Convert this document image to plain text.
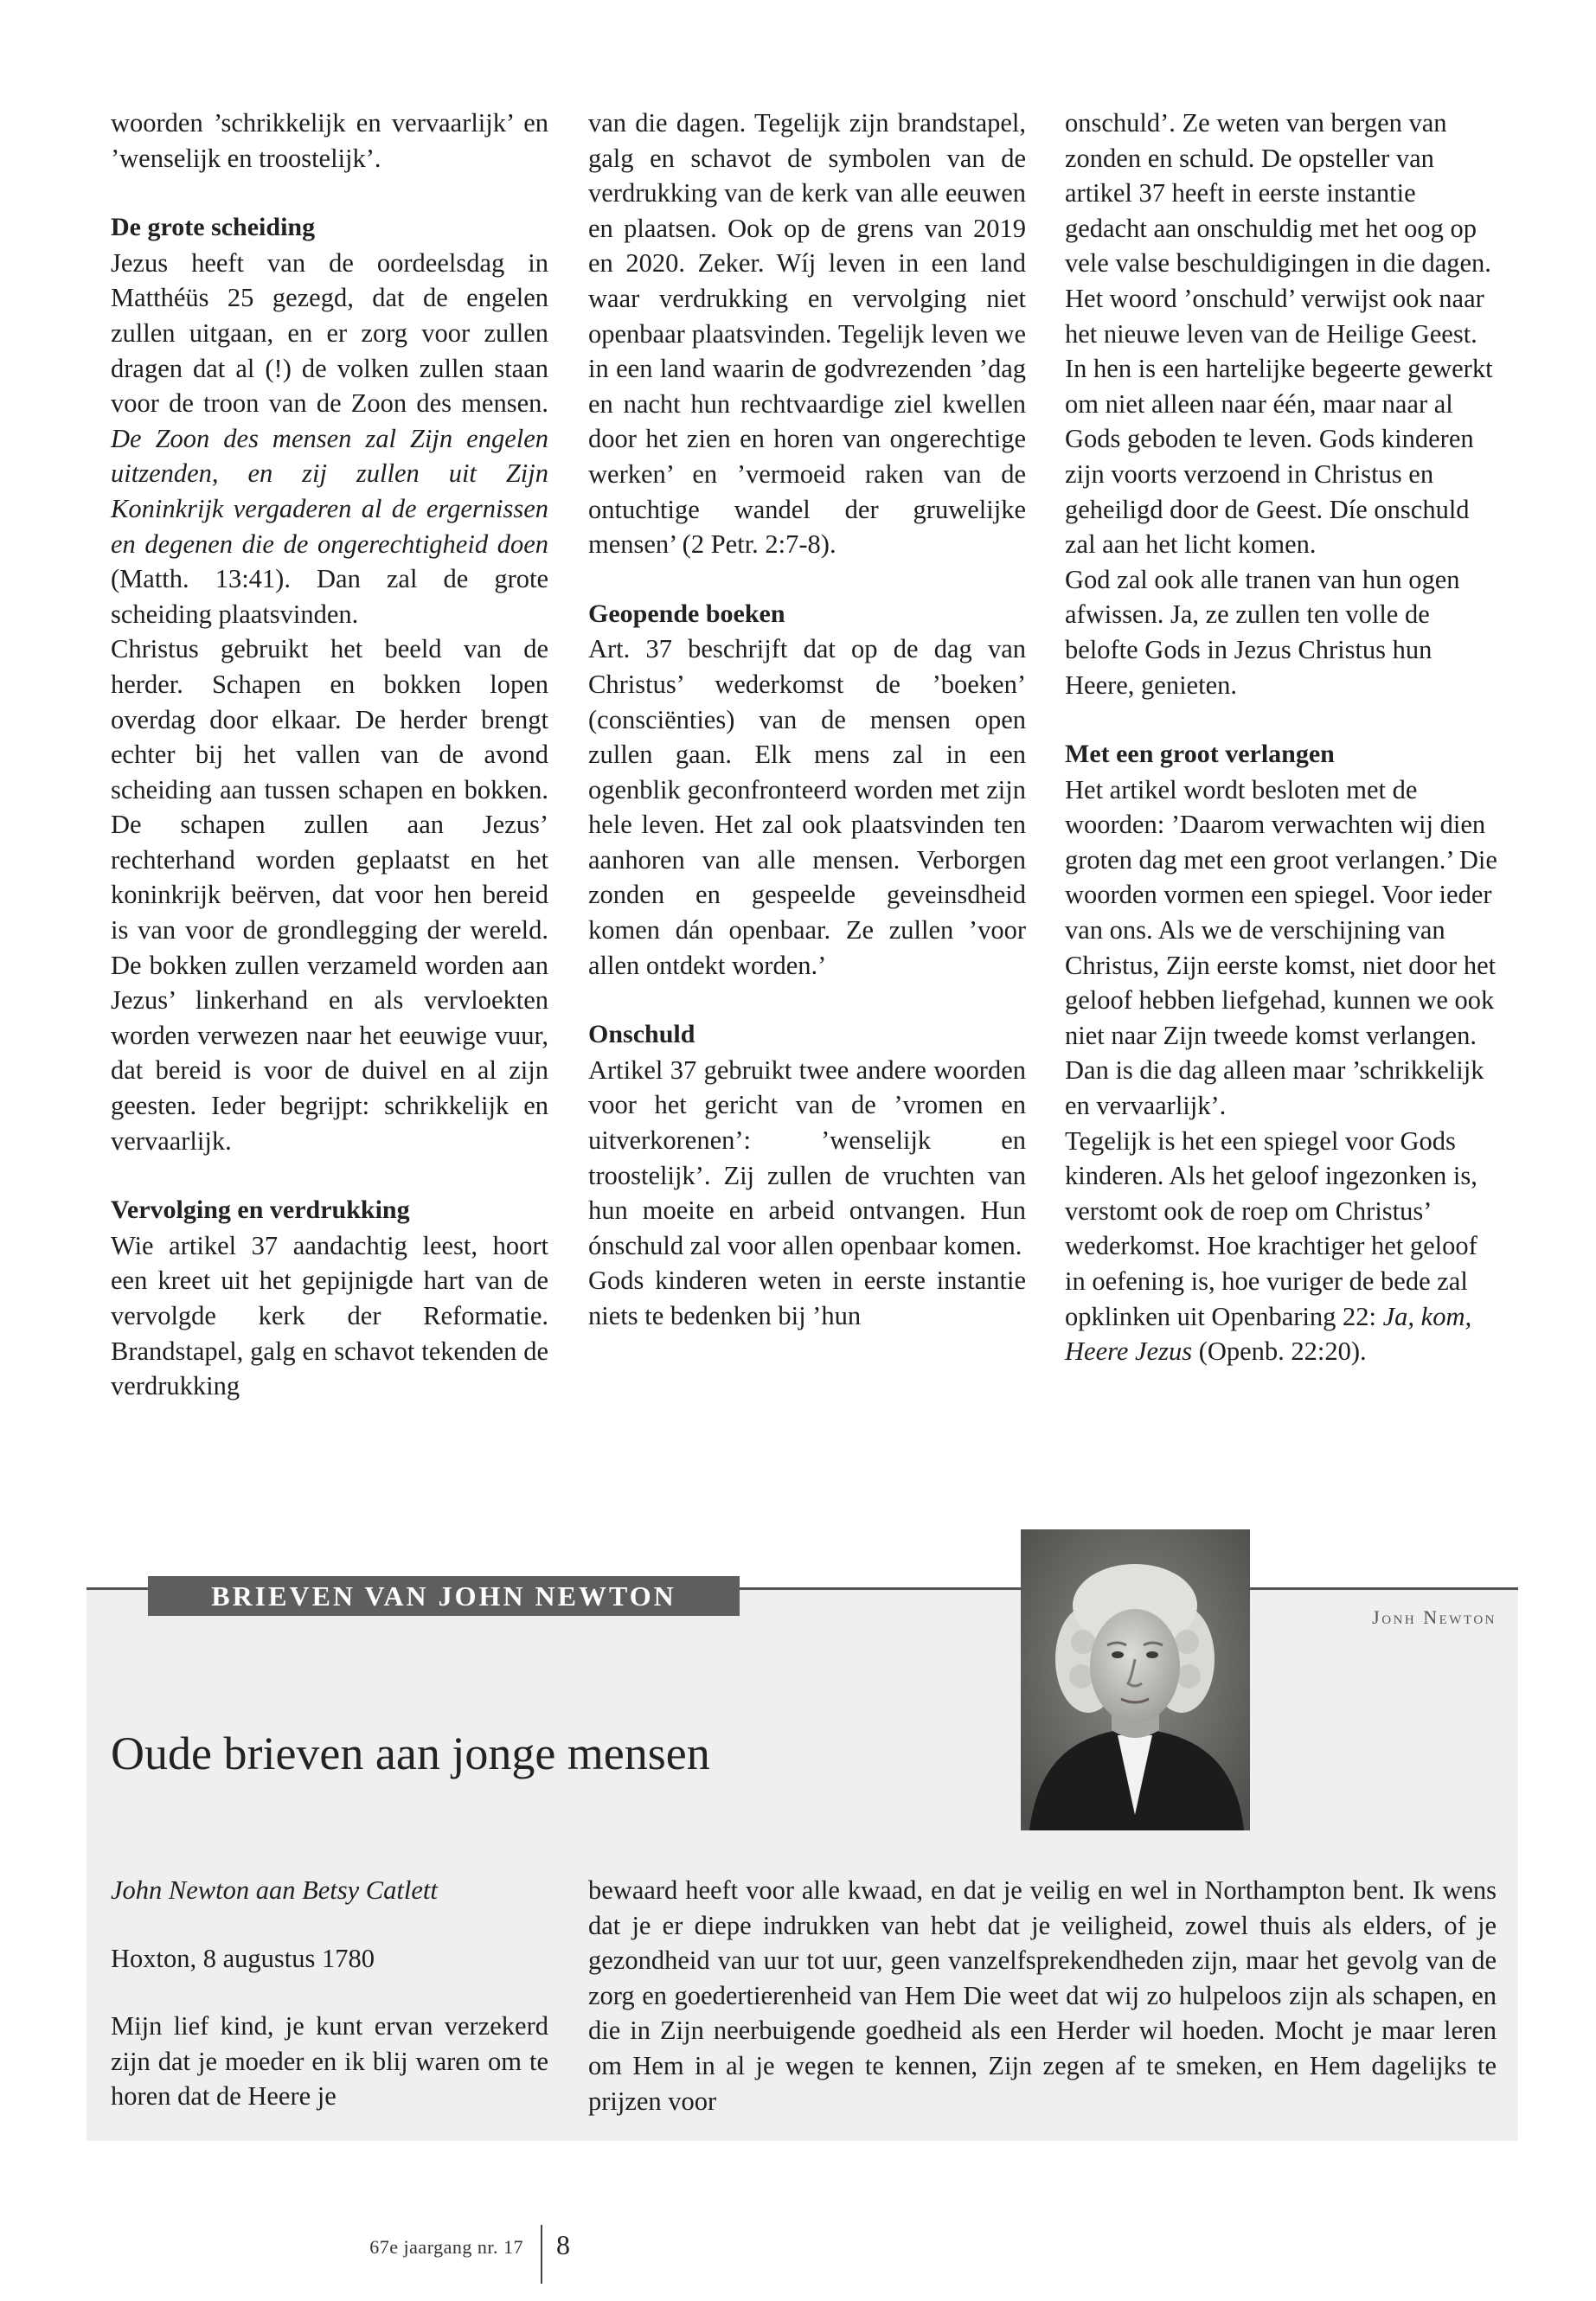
woorden ’schrikkelijk en vervaarlijk’ en ’wenselijk en troostelijk’.

De grote scheiding

Jezus heeft van de oordeelsdag in Matthéüs 25 gezegd, dat de engelen zullen uitgaan, en er zorg voor zullen dragen dat al (!) de volken zullen staan voor de troon van de Zoon des mensen. De Zoon des mensen zal Zijn engelen uitzenden, en zij zullen uit Zijn Koninkrijk vergaderen al de ergernissen en degenen die de ongerechtigheid doen (Matth. 13:41). Dan zal de grote scheiding plaatsvinden.

Christus gebruikt het beeld van de herder. Schapen en bokken lopen overdag door elkaar. De herder brengt echter bij het vallen van de avond scheiding aan tussen schapen en bokken. De schapen zullen aan Jezus’ rechterhand worden geplaatst en het koninkrijk beërven, dat voor hen bereid is van voor de grondlegging der wereld. De bokken zullen verzameld worden aan Jezus’ linkerhand en als vervloekten worden verwezen naar het eeuwige vuur, dat bereid is voor de duivel en al zijn geesten. Ieder begrijpt: schrikkelijk en vervaarlijk.

Vervolging en verdrukking

Wie artikel 37 aandachtig leest, hoort een kreet uit het gepijnigde hart van de vervolgde kerk der Reformatie. Brandstapel, galg en schavot tekenden de verdrukking

van die dagen. Tegelijk zijn brandstapel, galg en schavot de symbolen van de verdrukking van de kerk van alle eeuwen en plaatsen. Ook op de grens van 2019 en 2020. Zeker. Wíj leven in een land waar verdrukking en vervolging niet openbaar plaatsvinden. Tegelijk leven we in een land waarin de godvrezenden ’dag en nacht hun rechtvaardige ziel kwellen door het zien en horen van ongerechtige werken’ en ’vermoeid raken van de ontuchtige wandel der gruwelijke mensen’ (2 Petr. 2:7-8).

Geopende boeken

Art. 37 beschrijft dat op de dag van Christus’ wederkomst de ’boeken’ (consciënties) van de mensen open zullen gaan. Elk mens zal in een ogenblik geconfronteerd worden met zijn hele leven. Het zal ook plaatsvinden ten aanhoren van alle mensen. Verborgen zonden en gespeelde geveinsdheid komen dán openbaar. Ze zullen ’voor allen ontdekt worden.’

Onschuld

Artikel 37 gebruikt twee andere woorden voor het gericht van de ’vromen en uitverkorenen’: ’wenselijk en troostelijk’. Zij zullen de vruchten van hun moeite en arbeid ontvangen. Hun ónschuld zal voor allen openbaar komen.

Gods kinderen weten in eerste instantie niets te bedenken bij ’hun

onschuld’. Ze weten van bergen van zonden en schuld. De opsteller van artikel 37 heeft in eerste instantie gedacht aan onschuldig met het oog op vele valse beschuldigingen in die dagen. Het woord ’onschuld’ verwijst ook naar het nieuwe leven van de Heilige Geest. In hen is een hartelijke begeerte gewerkt om niet alleen naar één, maar naar al Gods geboden te leven. Gods kinderen zijn voorts verzoend in Christus en geheiligd door de Geest. Díe onschuld zal aan het licht komen.

God zal ook alle tranen van hun ogen afwissen. Ja, ze zullen ten volle de belofte Gods in Jezus Christus hun Heere, genieten.

Met een groot verlangen

Het artikel wordt besloten met de woorden: ’Daarom verwachten wij dien groten dag met een groot verlangen.’ Die woorden vormen een spiegel. Voor ieder van ons. Als we de verschijning van Christus, Zijn eerste komst, niet door het geloof hebben liefgehad, kunnen we ook niet naar Zijn tweede komst verlangen. Dan is die dag alleen maar ’schrikkelijk en vervaarlijk’.

Tegelijk is het een spiegel voor Gods kinderen. Als het geloof ingezonken is, verstomt ook de roep om Christus’ wederkomst. Hoe krachtiger het geloof in oefening is, hoe vuriger de bede zal opklinken uit Openbaring 22: Ja, kom, Heere Jezus (Openb. 22:20).

BRIEVEN VAN JOHN NEWTON
Jonh Newton
Oude brieven aan jonge mensen

John Newton aan Betsy Catlett

Hoxton, 8 augustus 1780

Mijn lief kind, je kunt ervan verzekerd zijn dat je moeder en ik blij waren om te horen dat de Heere je

bewaard heeft voor alle kwaad, en dat je veilig en wel in Northampton bent. Ik wens dat je er diepe indrukken van hebt dat je veiligheid, zowel thuis als elders, of je gezondheid van uur tot uur, geen vanzelfsprekendheden zijn, maar het gevolg van de zorg en goedertierenheid van Hem Die weet dat wij zo hulpeloos zijn als schapen, en die in Zijn neerbuigende goedheid als een Herder wil hoeden. Mocht je maar leren om Hem in al je wegen te kennen, Zijn zegen af te smeken, en Hem dagelijks te prijzen voor

67e jaargang nr. 17 8
